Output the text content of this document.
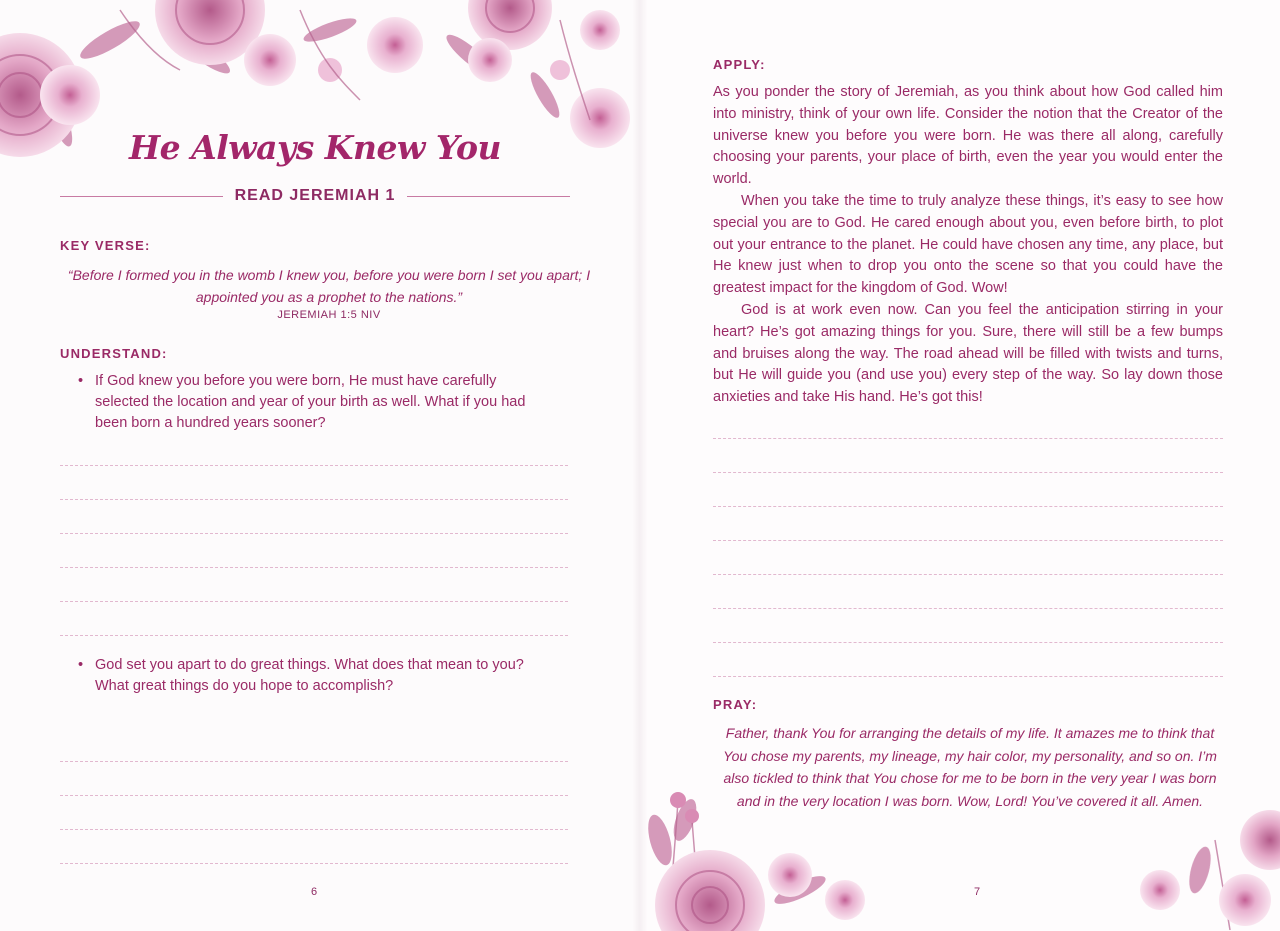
He Always Knew You
READ JEREMIAH 1
KEY VERSE:
“Before I formed you in the womb I knew you, before you were born I set you apart; I appointed you as a prophet to the nations.”
JEREMIAH 1:5 NIV
UNDERSTAND:
• If God knew you before you were born, He must have carefully selected the location and year of your birth as well. What if you had been born a hundred years sooner?
• God set you apart to do great things. What does that mean to you? What great things do you hope to accomplish?
6
APPLY:

As you ponder the story of Jeremiah, as you think about how God called him into ministry, think of your own life. Consider the notion that the Creator of the universe knew you before you were born. He was there all along, carefully choosing your parents, your place of birth, even the year you would enter the world.

When you take the time to truly analyze these things, it’s easy to see how special you are to God. He cared enough about you, even before birth, to plot out your entrance to the planet. He could have chosen any time, any place, but He knew just when to drop you onto the scene so that you could have the greatest impact for the kingdom of God. Wow!

God is at work even now. Can you feel the anticipation stirring in your heart? He’s got amazing things for you. Sure, there will still be a few bumps and bruises along the way. The road ahead will be filled with twists and turns, but He will guide you (and use you) every step of the way. So lay down those anxieties and take His hand. He’s got this!

PRAY:
Father, thank You for arranging the details of my life. It amazes me to think that You chose my parents, my lineage, my hair color, my personality, and so on. I’m also tickled to think that You chose for me to be born in the very year I was born and in the very location I was born. Wow, Lord! You’ve covered it all. Amen.
7
